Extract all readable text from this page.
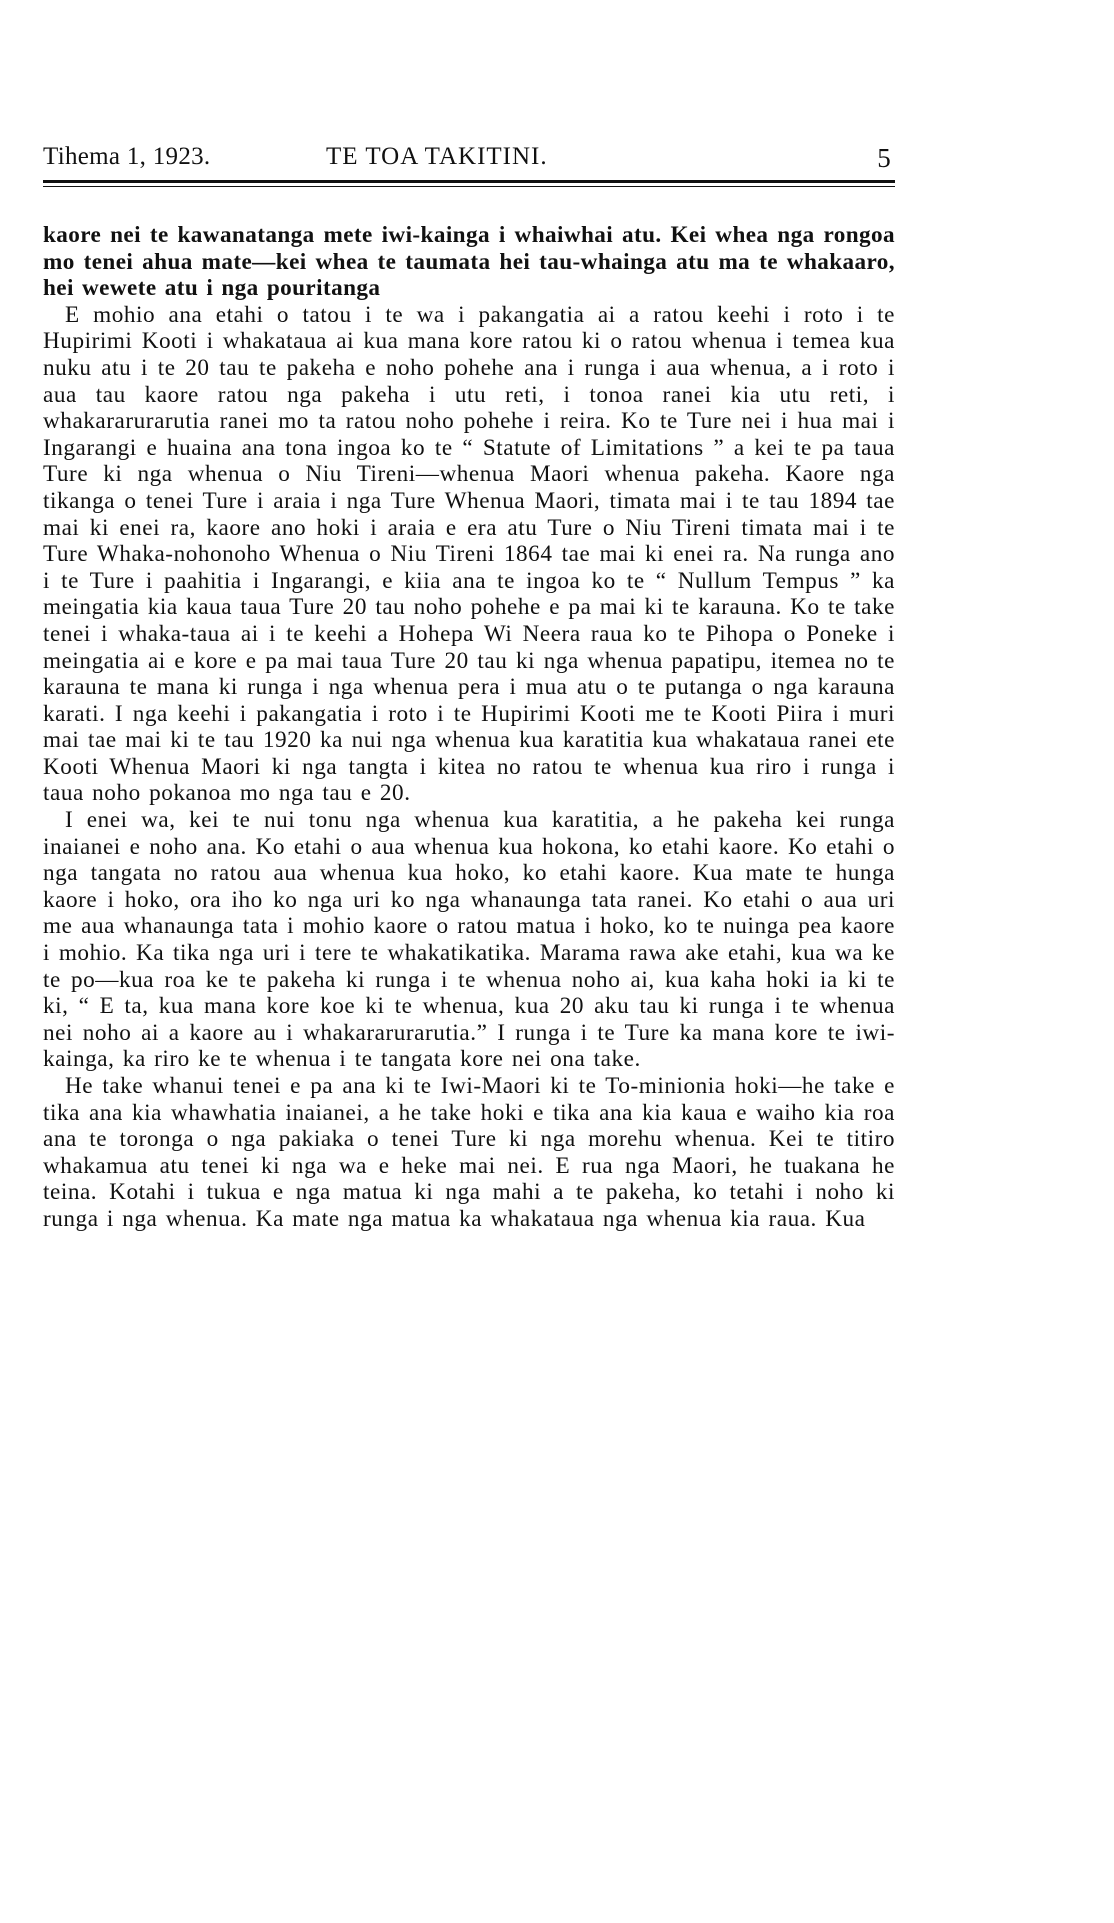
Tihema 1, 1923.	TE TOA TAKITINI.	5

kaore nei te kawanatanga mete iwi-kainga i whaiwhai atu. Kei whea nga rongoa mo tenei ahua mate—kei whea te taumata hei tau-whainga atu ma te whakaaro, hei wewete atu i nga pouritanga

E mohio ana etahi o tatou i te wa i pakangatia ai a ratou keehi i roto i te Hupirimi Kooti i whakataua ai kua mana kore ratou ki o ratou whenua i temea kua nuku atu i te 20 tau te pakeha e noho pohehe ana i runga i aua whenua, a i roto i aua tau kaore ratou nga pakeha i utu reti, i tonoa ranei kia utu reti, i whakararurarutia ranei mo ta ratou noho pohehe i reira. Ko te Ture nei i hua mai i Ingarangi e huaina ana tona ingoa ko te “ Statute of Limitations ” a kei te pa taua Ture ki nga whenua o Niu Tireni—whenua Maori whenua pakeha. Kaore nga tikanga o tenei Ture i araia i nga Ture Whenua Maori, timata mai i te tau 1894 tae mai ki enei ra, kaore ano hoki i araia e era atu Ture o Niu Tireni timata mai i te Ture Whaka-nohonoho Whenua o Niu Tireni 1864 tae mai ki enei ra. Na runga ano i te Ture i paahitia i Ingarangi, e kiia ana te ingoa ko te “ Nullum Tempus ” ka meingatia kia kaua taua Ture 20 tau noho pohehe e pa mai ki te karauna. Ko te take tenei i whaka-taua ai i te keehi a Hohepa Wi Neera raua ko te Pihopa o Poneke i meingatia ai e kore e pa mai taua Ture 20 tau ki nga whenua papatipu, itemea no te karauna te mana ki runga i nga whenua pera i mua atu o te putanga o nga karauna karati. I nga keehi i pakangatia i roto i te Hupirimi Kooti me te Kooti Piira i muri mai tae mai ki te tau 1920 ka nui nga whenua kua karatitia kua whakataua ranei ete Kooti Whenua Maori ki nga tangta i kitea no ratou te whenua kua riro i runga i taua noho pokanoa mo nga tau e 20.

I enei wa, kei te nui tonu nga whenua kua karatitia, a he pakeha kei runga inaianei e noho ana. Ko etahi o aua whenua kua hokona, ko etahi kaore. Ko etahi o nga tangata no ratou aua whenua kua hoko, ko etahi kaore. Kua mate te hunga kaore i hoko, ora iho ko nga uri ko nga whanaunga tata ranei. Ko etahi o aua uri me aua whanaunga tata i mohio kaore o ratou matua i hoko, ko te nuinga pea kaore i mohio. Ka tika nga uri i tere te whakatikatika. Marama rawa ake etahi, kua wa ke te po—kua roa ke te pakeha ki runga i te whenua noho ai, kua kaha hoki ia ki te ki, “ E ta, kua mana kore koe ki te whenua, kua 20 aku tau ki runga i te whenua nei noho ai a kaore au i whakararurarutia.” I runga i te Ture ka mana kore te iwi-kainga, ka riro ke te whenua i te tangata kore nei ona take.

He take whanui tenei e pa ana ki te Iwi-Maori ki te To-minionia hoki—he take e tika ana kia whawhatia inaianei, a he take hoki e tika ana kia kaua e waiho kia roa ana te toronga o nga pakiaka o tenei Ture ki nga morehu whenua. Kei te titiro whakamua atu tenei ki nga wa e heke mai nei. E rua nga Maori, he tuakana he teina. Kotahi i tukua e nga matua ki nga mahi a te pakeha, ko tetahi i noho ki runga i nga whenua. Ka mate nga matua ka whakataua nga whenua kia raua. Kua
